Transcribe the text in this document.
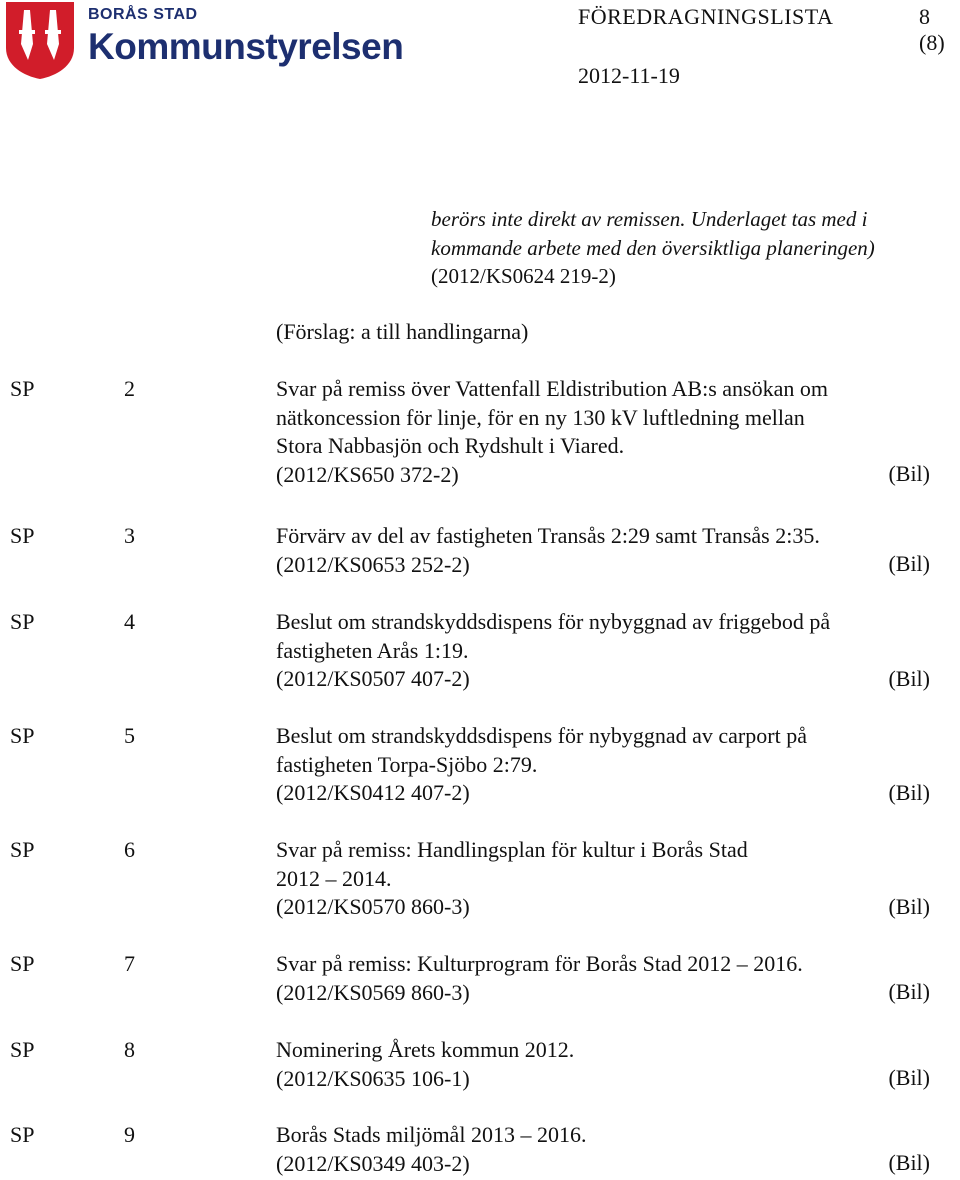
BORÅS STAD
Kommunstyrelsen
FÖREDRAGNINGSLISTA	8 (8)
2012-11-19
berörs inte direkt av remissen. Underlaget tas med i
kommande arbete med den översiktliga planeringen)
(2012/KS0624 219-2)
(Förslag: a till handlingarna)
SP	2	Svar på remiss över Vattenfall Eldistribution AB:s ansökan om
nätkoncession för linje, för en ny 130 kV luftledning mellan
Stora Nabbasjön och Rydshult i Viared.
(2012/KS650 372-2)	(Bil)
SP	3	Förvärv av del av fastigheten Transås 2:29 samt Transås 2:35.
(2012/KS0653 252-2)	(Bil)
SP	4	Beslut om strandskyddsdispens för nybyggnad av friggebod på
fastigheten Arås 1:19.
(2012/KS0507 407-2)	(Bil)
SP	5	Beslut om strandskyddsdispens för nybyggnad av carport på
fastigheten Torpa-Sjöbo 2:79.
(2012/KS0412 407-2)	(Bil)
SP	6	Svar på remiss: Handlingsplan för kultur i Borås Stad
2012 – 2014.
(2012/KS0570 860-3)	(Bil)
SP	7	Svar på remiss: Kulturprogram för Borås Stad 2012 – 2016.
(2012/KS0569 860-3)	(Bil)
SP	8	Nominering Årets kommun 2012.
(2012/KS0635 106-1)	(Bil)
SP	9	Borås Stads miljömål 2013 – 2016.
(2012/KS0349 403-2)	(Bil)
